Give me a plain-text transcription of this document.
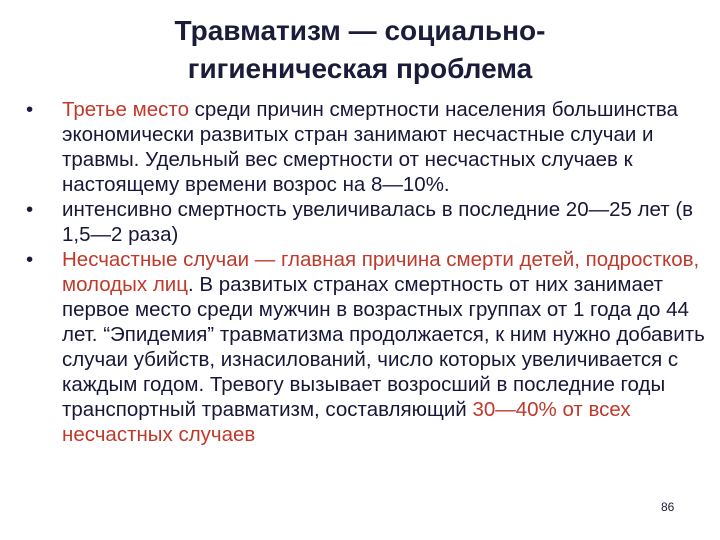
Травматизм — социально-
гигиеническая проблема
•	Третье место среди причин смертности населения большинства экономически развитых стран занимают несчастные случаи и травмы. Удельный вес смертности от несчастных случаев к настоящему времени возрос на 8—10%.
•	интенсивно смертность увеличивалась в последние 20—25 лет (в 1,5—2 раза)
•	Несчастные случаи — главная причина смерти детей, подростков, молодых лиц. В развитых странах смертность от них занимает первое место среди мужчин в возрастных группах от 1 года до 44 лет. “Эпидемия” травматизма продолжается, к ним нужно добавить случаи убийств, изнасилований, число которых увеличивается с каждым годом. Тревогу вызывает возросший в последние годы транспортный травматизм, составляющий 30—40% от всех несчастных случаев
86
